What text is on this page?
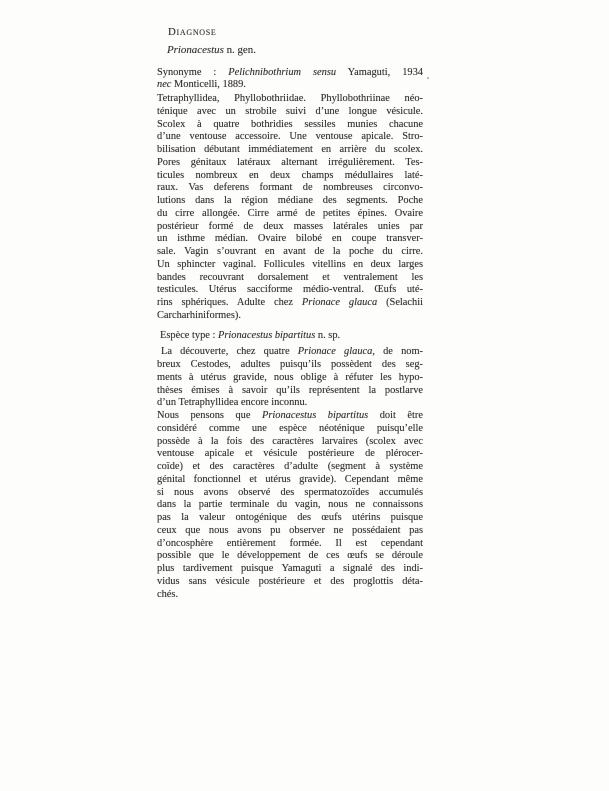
Diagnose
Prionacestus n. gen.
Synonyme : Pelichnibothrium sensu Yamaguti, 1934
nec Monticelli, 1889.
Tetraphyllidea, Phyllobothriidae. Phyllobothriinae néo-
ténique avec un strobile suivi d’une longue vésicule.
Scolex à quatre bothridies sessiles munies chacune
d’une ventouse accessoire. Une ventouse apicale. Stro-
bilisation débutant immédiatement en arrière du scolex.
Pores génitaux latéraux alternant irrégulièrement. Tes-
ticules nombreux en deux champs médullaires laté-
raux. Vas deferens formant de nombreuses circonvo-
lutions dans la région médiane des segments. Poche
du cirre allongée. Cirre armé de petites épines. Ovaire
postérieur formé de deux masses latérales unies par
un isthme médian. Ovaire bilobé en coupe transver-
sale. Vagin s’ouvrant en avant de la poche du cirre.
Un sphincter vaginal. Follicules vitellins en deux larges
bandes recouvrant dorsalement et ventralement les
testicules. Utérus sacciforme médio-ventral. Œufs uté-
rins sphériques. Adulte chez Prionace glauca (Selachii
Carcharhiniformes).
Espèce type : Prionacestus bipartitus n. sp.
La découverte, chez quatre Prionace glauca, de nom-
breux Cestodes, adultes puisqu’ils possèdent des seg-
ments à utérus gravide, nous oblige à réfuter les hypo-
thèses émises à savoir qu’ils représentent la postlarve
d’un Tetraphyllidea encore inconnu.
Nous pensons que Prionacestus bipartitus doit être
considéré comme une espèce néoténique puisqu’elle
possède à la fois des caractères larvaires (scolex avec
ventouse apicale et vésicule postérieure de plérocer-
coïde) et des caractères d’adulte (segment à système
génital fonctionnel et utérus gravide). Cependant même
si nous avons observé des spermatozoïdes accumulés
dans la partie terminale du vagin, nous ne connaissons
pas la valeur ontogénique des œufs utérins puisque
ceux que nous avons pu observer ne possédaient pas
d’oncosphère entièrement formée. Il est cependant
possible que le développement de ces œufs se déroule
plus tardivement puisque Yamaguti a signalé des indi-
vidus sans vésicule postérieure et des proglottis déta-
chés.
